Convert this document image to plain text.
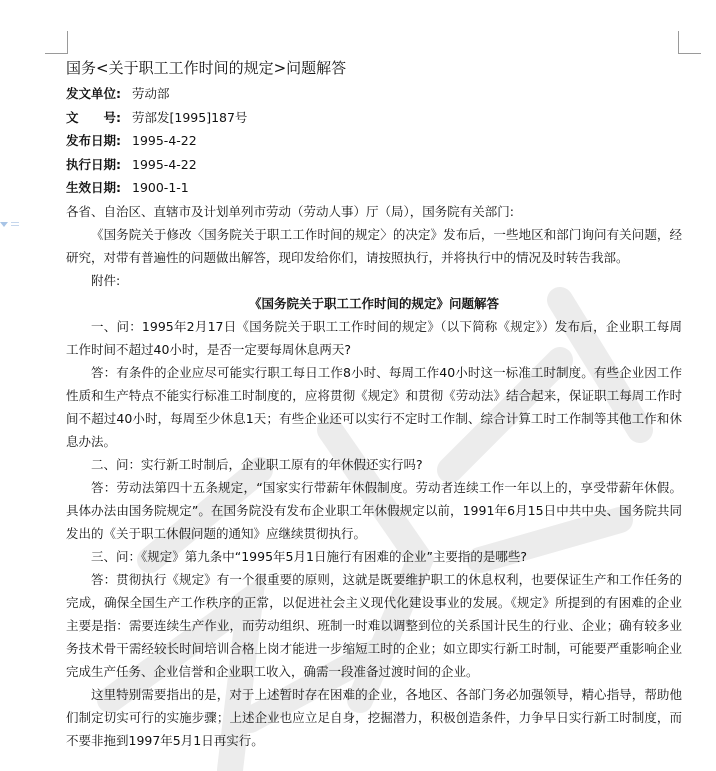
国务<关于职工工作时间的规定>问题解答
发文单位: 劳动部
文　　号: 劳部发[1995]187号
发布日期: 1995-4-22
执行日期: 1995-4-22
生效日期: 1900-1-1

各省、自治区、直辖市及计划单列市劳动（劳动人事）厅（局），国务院有关部门:

《国务院关于修改〈国务院关于职工工作时间的规定〉的决定》发布后，一些地区和部门询问有关问题，经研究，对带有普遍性的问题做出解答，现印发给你们，请按照执行，并将执行中的情况及时转告我部。

附件:

《国务院关于职工工作时间的规定》问题解答

一、问：1995年2月17日《国务院关于职工工作时间的规定》（以下简称《规定》）发布后，企业职工每周工作时间不超过40小时，是否一定要每周休息两天?

答：有条件的企业应尽可能实行职工每日工作8小时、每周工作40小时这一标准工时制度。有些企业因工作性质和生产特点不能实行标准工时制度的，应将贯彻《规定》和贯彻《劳动法》结合起来，保证职工每周工作时间不超过40小时，每周至少休息1天；有些企业还可以实行不定时工作制、综合计算工时工作制等其他工作和休息办法。

二、问：实行新工时制后，企业职工原有的年休假还实行吗?

答：劳动法第四十五条规定，“国家实行带薪年休假制度。劳动者连续工作一年以上的，享受带薪年休假。具体办法由国务院规定”。在国务院没有发布企业职工年休假规定以前，1991年6月15日中共中央、国务院共同发出的《关于职工休假问题的通知》应继续贯彻执行。

三、问：《规定》第九条中“1995年5月1日施行有困难的企业”主要指的是哪些?

答：贯彻执行《规定》有一个很重要的原则，这就是既要维护职工的休息权利，也要保证生产和工作任务的完成，确保全国生产工作秩序的正常，以促进社会主义现代化建设事业的发展。《规定》所提到的有困难的企业主要是指：需要连续生产作业，而劳动组织、班制一时难以调整到位的关系国计民生的行业、企业；确有较多业务技术骨干需经较长时间培训合格上岗才能进一步缩短工时的企业；如立即实行新工时制，可能要严重影响企业完成生产任务、企业信誉和企业职工收入，确需一段准备过渡时间的企业。

这里特别需要指出的是，对于上述暂时存在困难的企业，各地区、各部门务必加强领导，精心指导，帮助他们制定切实可行的实施步骤；上述企业也应立足自身，挖掘潜力，积极创造条件，力争早日实行新工时制度，而不要非拖到1997年5月1日再实行。
